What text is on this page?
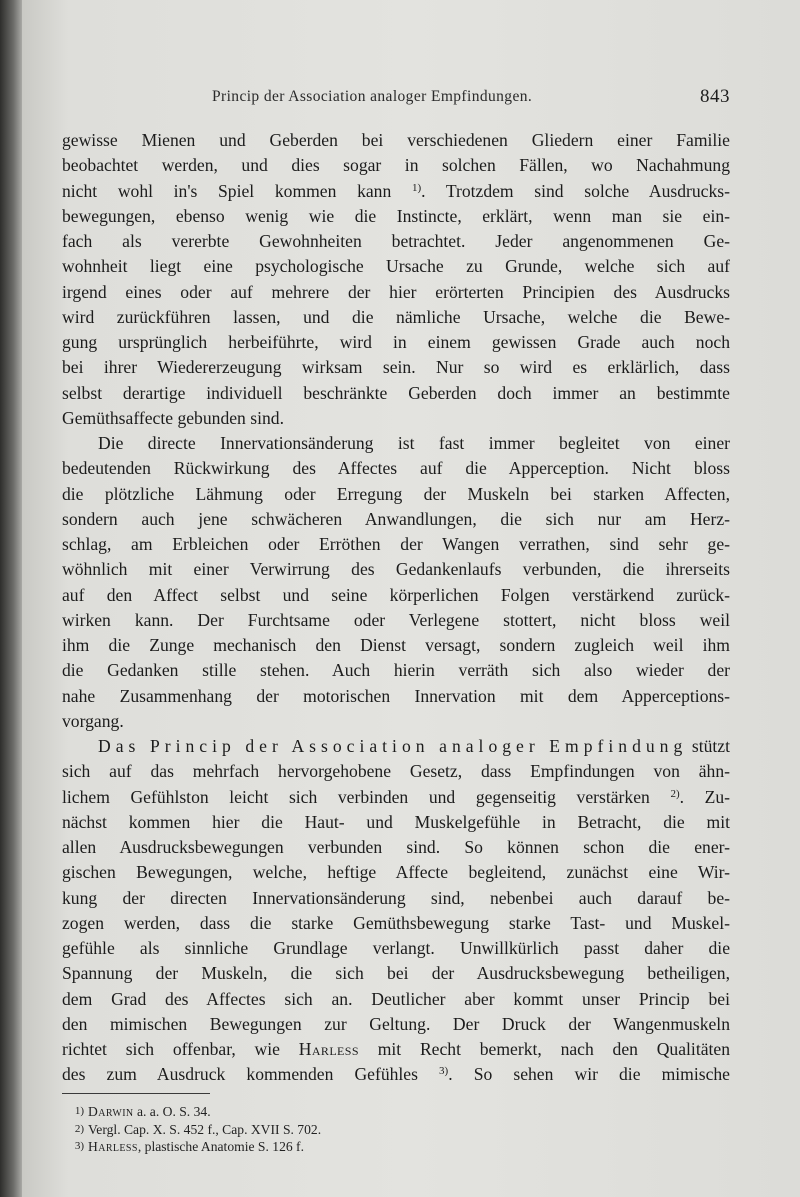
Princip der Association analoger Empfindungen.	843
gewisse Mienen und Geberden bei verschiedenen Gliedern einer Familie
beobachtet werden, und dies sogar in solchen Fällen, wo Nachahmung
nicht wohl in's Spiel kommen kann $^{1)}$. Trotzdem sind solche Ausdrucks-
bewegungen, ebenso wenig wie die Instincte, erklärt, wenn man sie ein-
fach als vererbte Gewohnheiten betrachtet. Jeder angenommenen Ge-
wohnheit liegt eine psychologische Ursache zu Grunde, welche sich auf
irgend eines oder auf mehrere der hier erörterten Principien des Ausdrucks
wird zurückführen lassen, und die nämliche Ursache, welche die Bewe-
gung ursprünglich herbeiführte, wird in einem gewissen Grade auch noch
bei ihrer Wiedererzeugung wirksam sein. Nur so wird es erklärlich, dass
selbst derartige individuell beschränkte Geberden doch immer an bestimmte
Gemüthsaffecte gebunden sind.
Die directe Innervationsänderung ist fast immer begleitet von einer
bedeutenden Rückwirkung des Affectes auf die Apperception. Nicht bloss
die plötzliche Lähmung oder Erregung der Muskeln bei starken Affecten,
sondern auch jene schwächeren Anwandlungen, die sich nur am Herz-
schlag, am Erbleichen oder Erröthen der Wangen verrathen, sind sehr ge-
wöhnlich mit einer Verwirrung des Gedankenlaufs verbunden, die ihrerseits
auf den Affect selbst und seine körperlichen Folgen verstärkend zurück-
wirken kann. Der Furchtsame oder Verlegene stottert, nicht bloss weil
ihm die Zunge mechanisch den Dienst versagt, sondern zugleich weil ihm
die Gedanken stille stehen. Auch hierin verräth sich also wieder der
nahe Zusammenhang der motorischen Innervation mit dem Apperceptions-
vorgang.
Das Princip der Association analoger Empfindung stützt
sich auf das mehrfach hervorgehobene Gesetz, dass Empfindungen von ähn-
lichem Gefühlston leicht sich verbinden und gegenseitig verstärken $^{2)}$. Zu-
nächst kommen hier die Haut- und Muskelgefühle in Betracht, die mit
allen Ausdrucksbewegungen verbunden sind. So können schon die ener-
gischen Bewegungen, welche, heftige Affecte begleitend, zunächst eine Wir-
kung der directen Innervationsänderung sind, nebenbei auch darauf be-
zogen werden, dass die starke Gemüthsbewegung starke Tast- und Muskel-
gefühle als sinnliche Grundlage verlangt. Unwillkürlich passt daher die
Spannung der Muskeln, die sich bei der Ausdrucksbewegung betheiligen,
dem Grad des Affectes sich an. Deutlicher aber kommt unser Princip bei
den mimischen Bewegungen zur Geltung. Der Druck der Wangenmuskeln
richtet sich offenbar, wie Harless mit Recht bemerkt, nach den Qualitäten
des zum Ausdruck kommenden Gefühles $^{3)}$. So sehen wir die mimische
1) Darwin a. a. O. S. 34.
2) Vergl. Cap. X. S. 452 f., Cap. XVII S. 702.
3) Harless, plastische Anatomie S. 126 f.
